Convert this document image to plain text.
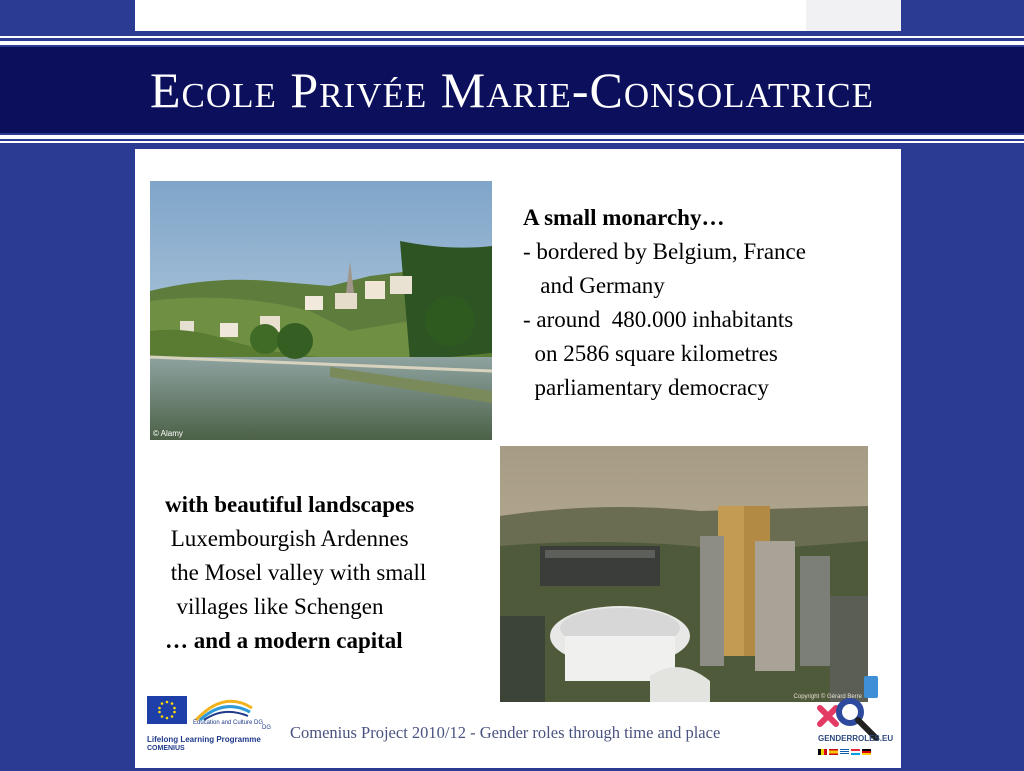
Ecole Privée Marie-Consolatrice
© Alamy
Copyright © Gérard Berre
A small monarchy…
- bordered by Belgium, France
and Germany
- around  480.000 inhabitants
on 2586 square kilometres
parliamentary democracy
with beautiful landscapes
Luxembourgish Ardennes
the Mosel valley with small
villages like Schengen
… and a modern capital
Education and Culture DG
DG
Lifelong Learning Programme
COMENIUS
Comenius Project 2010/12 - Gender roles through time and place	GENDERROLES.EU
